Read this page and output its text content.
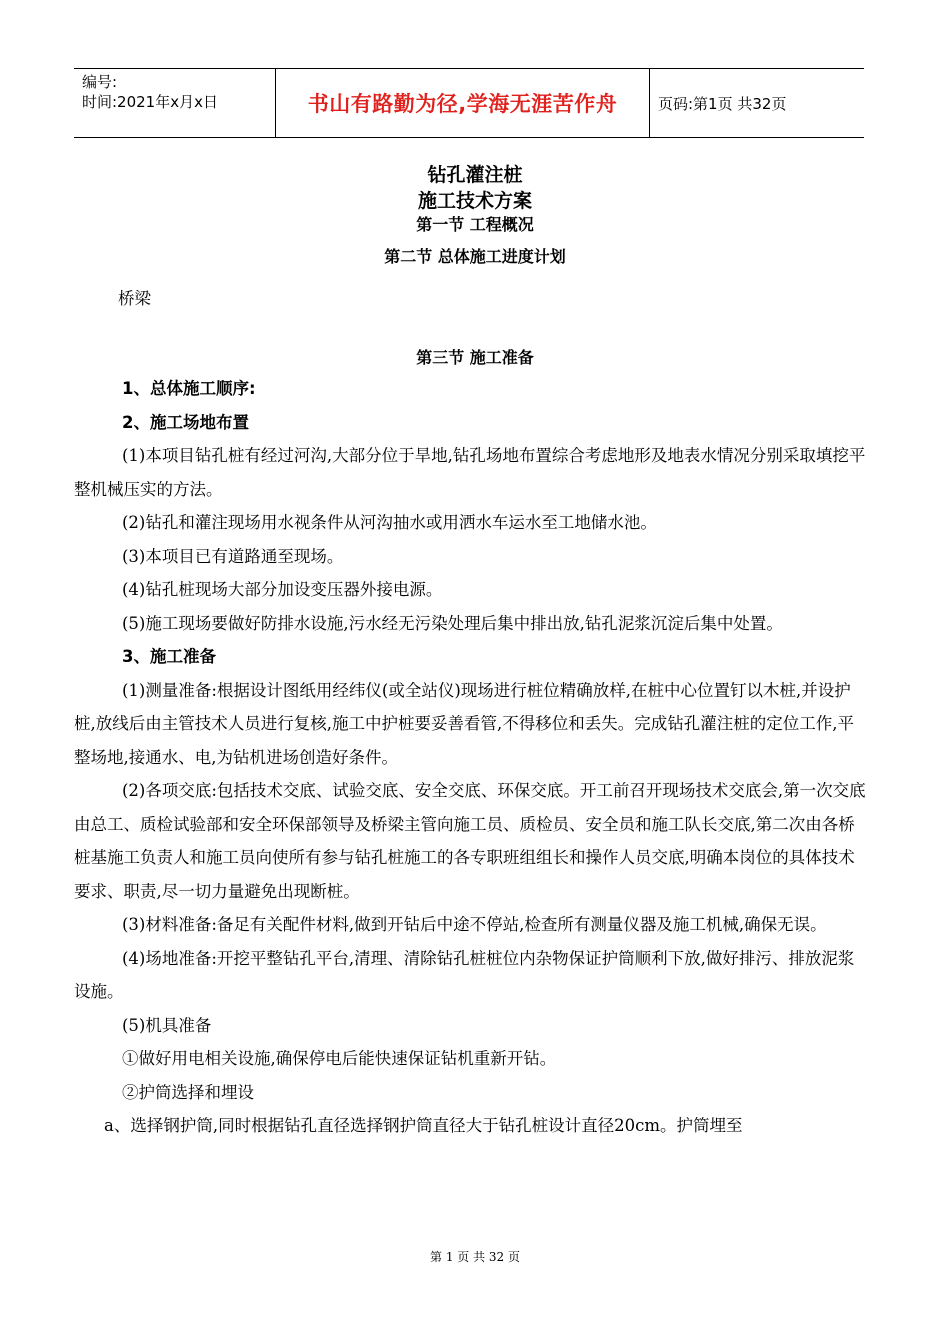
编号:
时间:2021年x月x日	书山有路勤为径,学海无涯苦作舟	页码:第1页 共32页
钻孔灌注桩
施工技术方案
第一节 工程概况
第二节 总体施工进度计划
桥梁
第三节 施工准备

1、总体施工顺序:

2、施工场地布置

(1)本项目钻孔桩有经过河沟,大部分位于旱地,钻孔场地布置综合考虑地形及地表水情况分别采取填挖平整机械压实的方法。

(2)钻孔和灌注现场用水视条件从河沟抽水或用洒水车运水至工地储水池。

(3)本项目已有道路通至现场。

(4)钻孔桩现场大部分加设变压器外接电源。

(5)施工现场要做好防排水设施,污水经无污染处理后集中排出放,钻孔泥浆沉淀后集中处置。

3、施工准备

(1)测量准备:根据设计图纸用经纬仪(或全站仪)现场进行桩位精确放样,在桩中心位置钉以木桩,并设护桩,放线后由主管技术人员进行复核,施工中护桩要妥善看管,不得移位和丢失。完成钻孔灌注桩的定位工作,平整场地,接通水、电,为钻机进场创造好条件。

(2)各项交底:包括技术交底、试验交底、安全交底、环保交底。开工前召开现场技术交底会,第一次交底由总工、质检试验部和安全环保部领导及桥梁主管向施工员、质检员、安全员和施工队长交底,第二次由各桥桩基施工负责人和施工员向使所有参与钻孔桩施工的各专职班组组长和操作人员交底,明确本岗位的具体技术要求、职责,尽一切力量避免出现断桩。

(3)材料准备:备足有关配件材料,做到开钻后中途不停站,检查所有测量仪器及施工机械,确保无误。

(4)场地准备:开挖平整钻孔平台,清理、清除钻孔桩桩位内杂物保证护筒顺利下放,做好排污、排放泥浆设施。

(5)机具准备

①做好用电相关设施,确保停电后能快速保证钻机重新开钻。

②护筒选择和埋设

a、选择钢护筒,同时根据钻孔直径选择钢护筒直径大于钻孔桩设计直径20cm。护筒埋至

第 1 页 共 32 页
